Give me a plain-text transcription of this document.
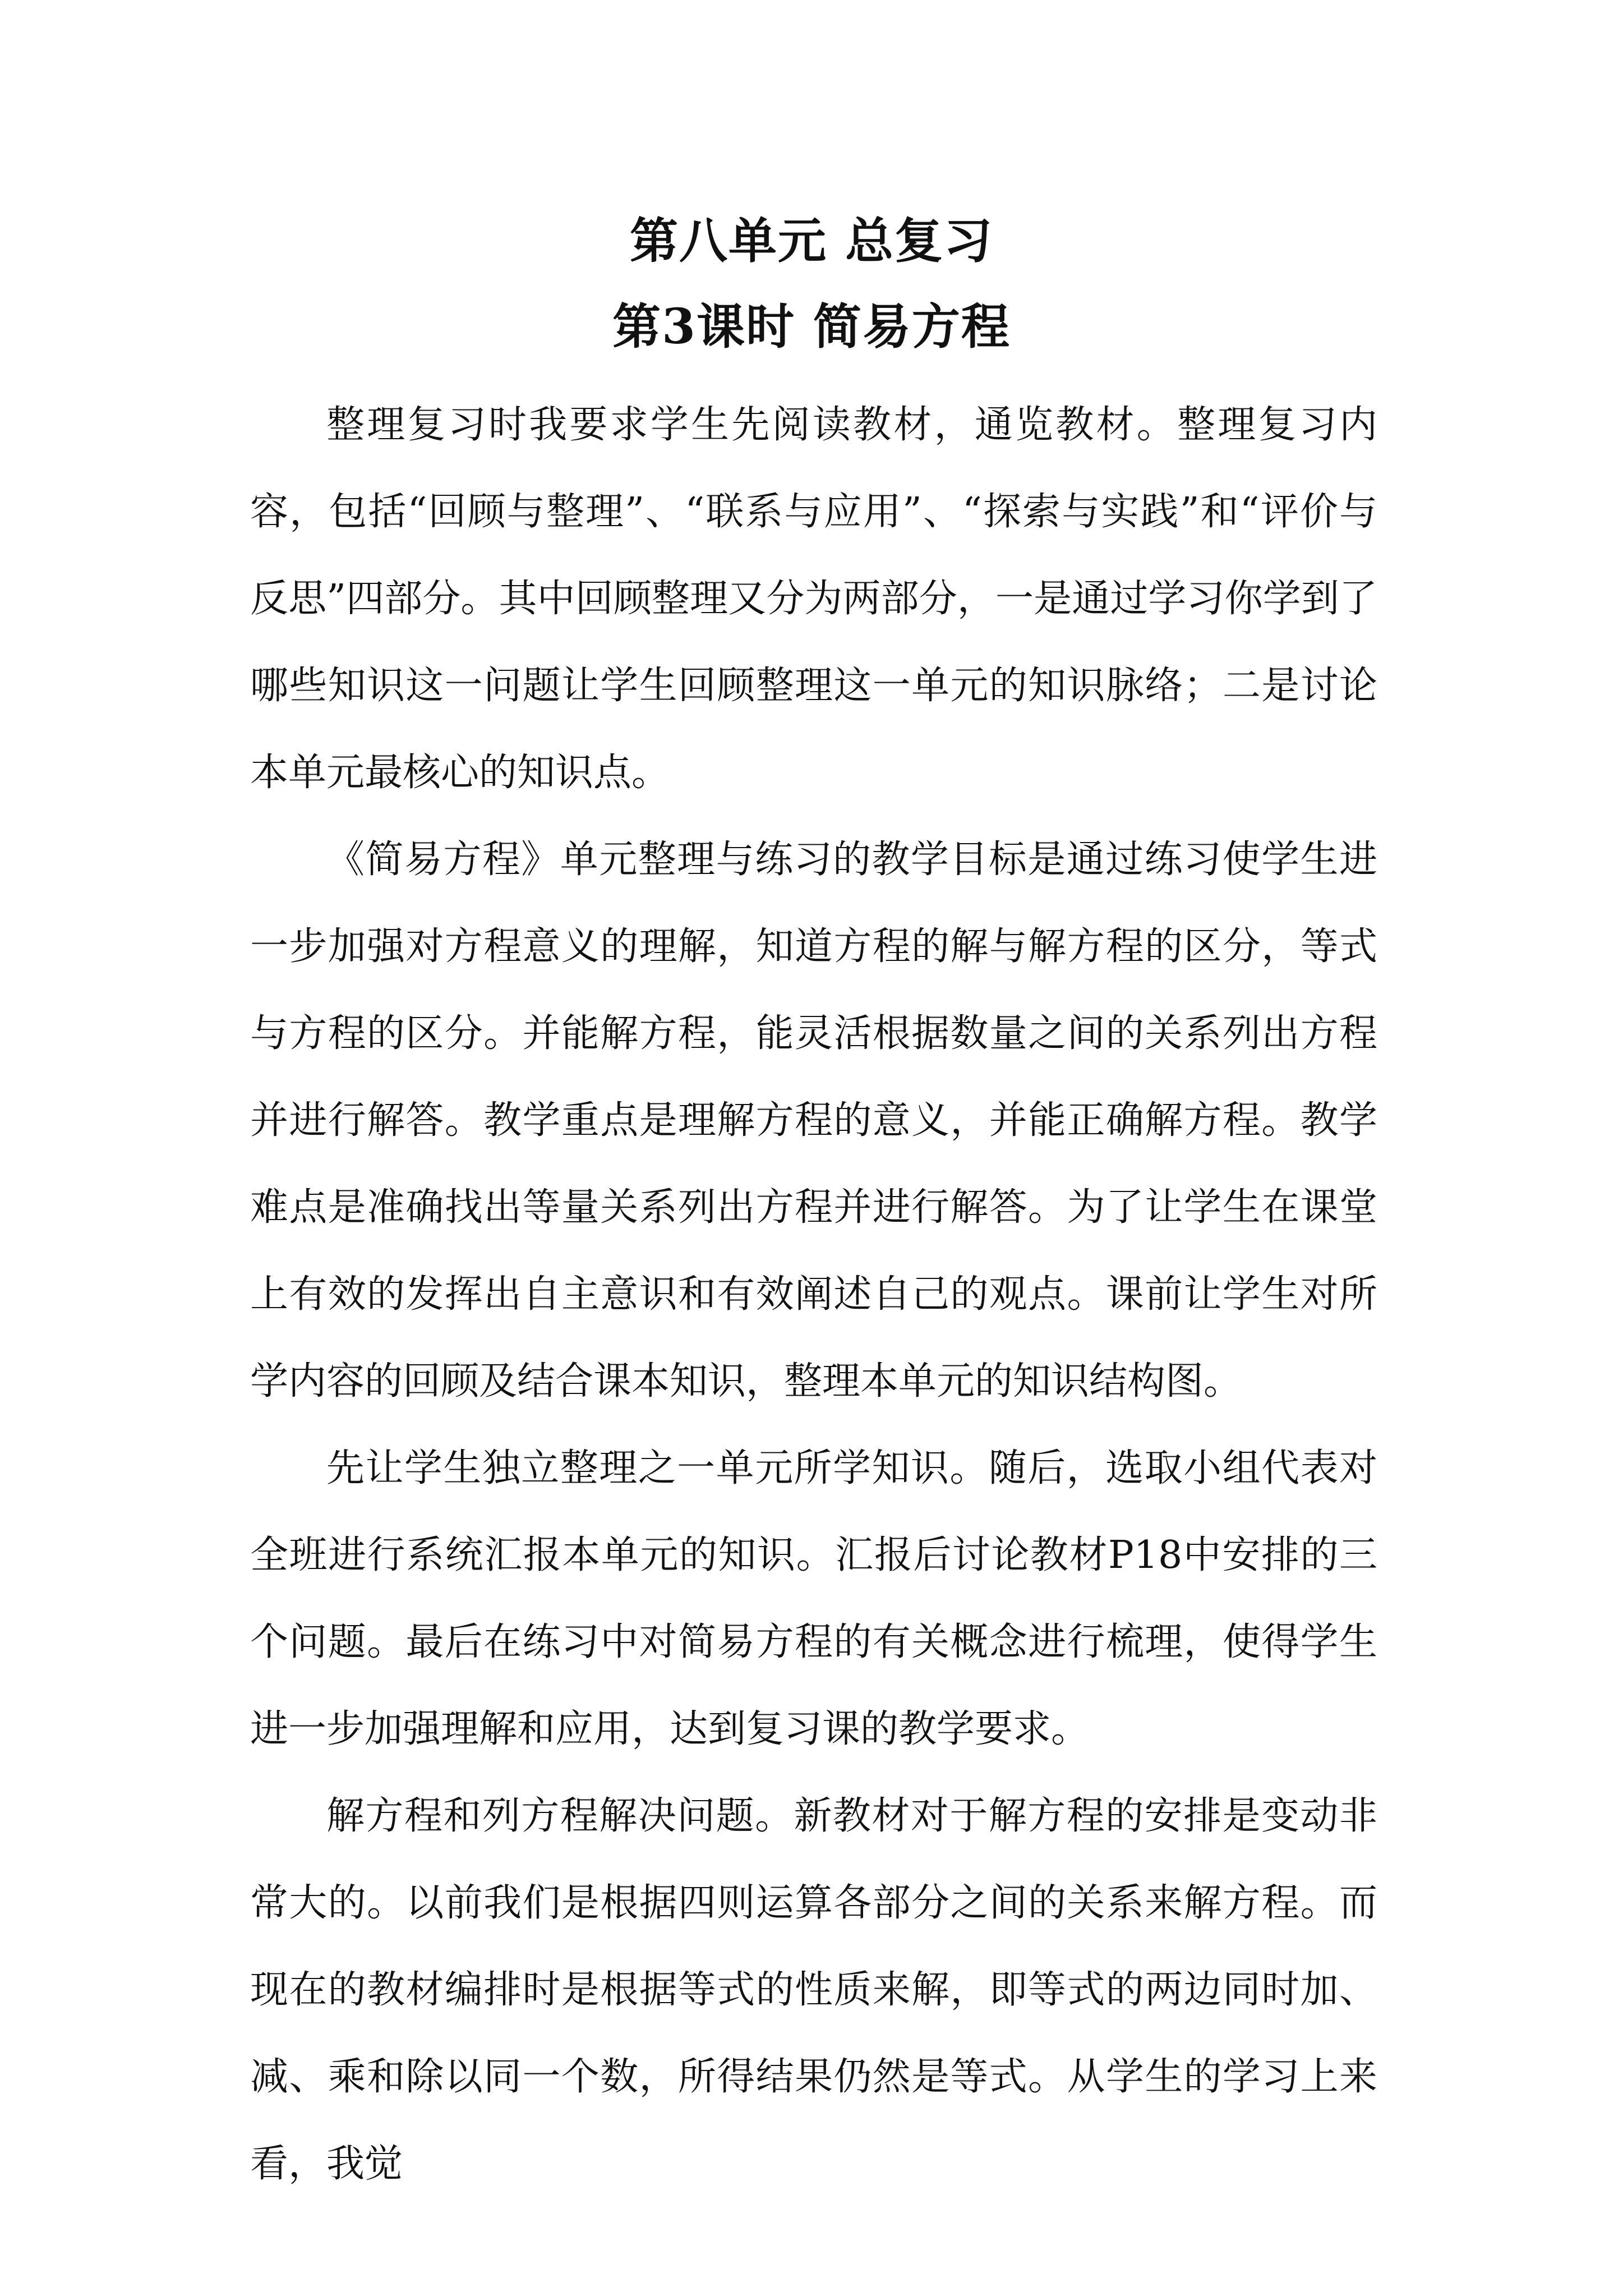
第八单元 总复习
第3课时 简易方程

整理复习时我要求学生先阅读教材，通览教材。整理复习内容，包括“回顾与整理”、“联系与应用”、“探索与实践”和“评价与反思”四部分。其中回顾整理又分为两部分，一是通过学习你学到了哪些知识这一问题让学生回顾整理这一单元的知识脉络；二是讨论本单元最核心的知识点。

《简易方程》单元整理与练习的教学目标是通过练习使学生进一步加强对方程意义的理解，知道方程的解与解方程的区分，等式与方程的区分。并能解方程，能灵活根据数量之间的关系列出方程并进行解答。教学重点是理解方程的意义，并能正确解方程。教学难点是准确找出等量关系列出方程并进行解答。为了让学生在课堂上有效的发挥出自主意识和有效阐述自己的观点。课前让学生对所学内容的回顾及结合课本知识，整理本单元的知识结构图。

先让学生独立整理之一单元所学知识。随后，选取小组代表对全班进行系统汇报本单元的知识。汇报后讨论教材P18中安排的三个问题。最后在练习中对简易方程的有关概念进行梳理，使得学生进一步加强理解和应用，达到复习课的教学要求。

解方程和列方程解决问题。新教材对于解方程的安排是变动非常大的。以前我们是根据四则运算各部分之间的关系来解方程。而现在的教材编排时是根据等式的性质来解，即等式的两边同时加、减、乘和除以同一个数，所得结果仍然是等式。从学生的学习上来看，我觉
